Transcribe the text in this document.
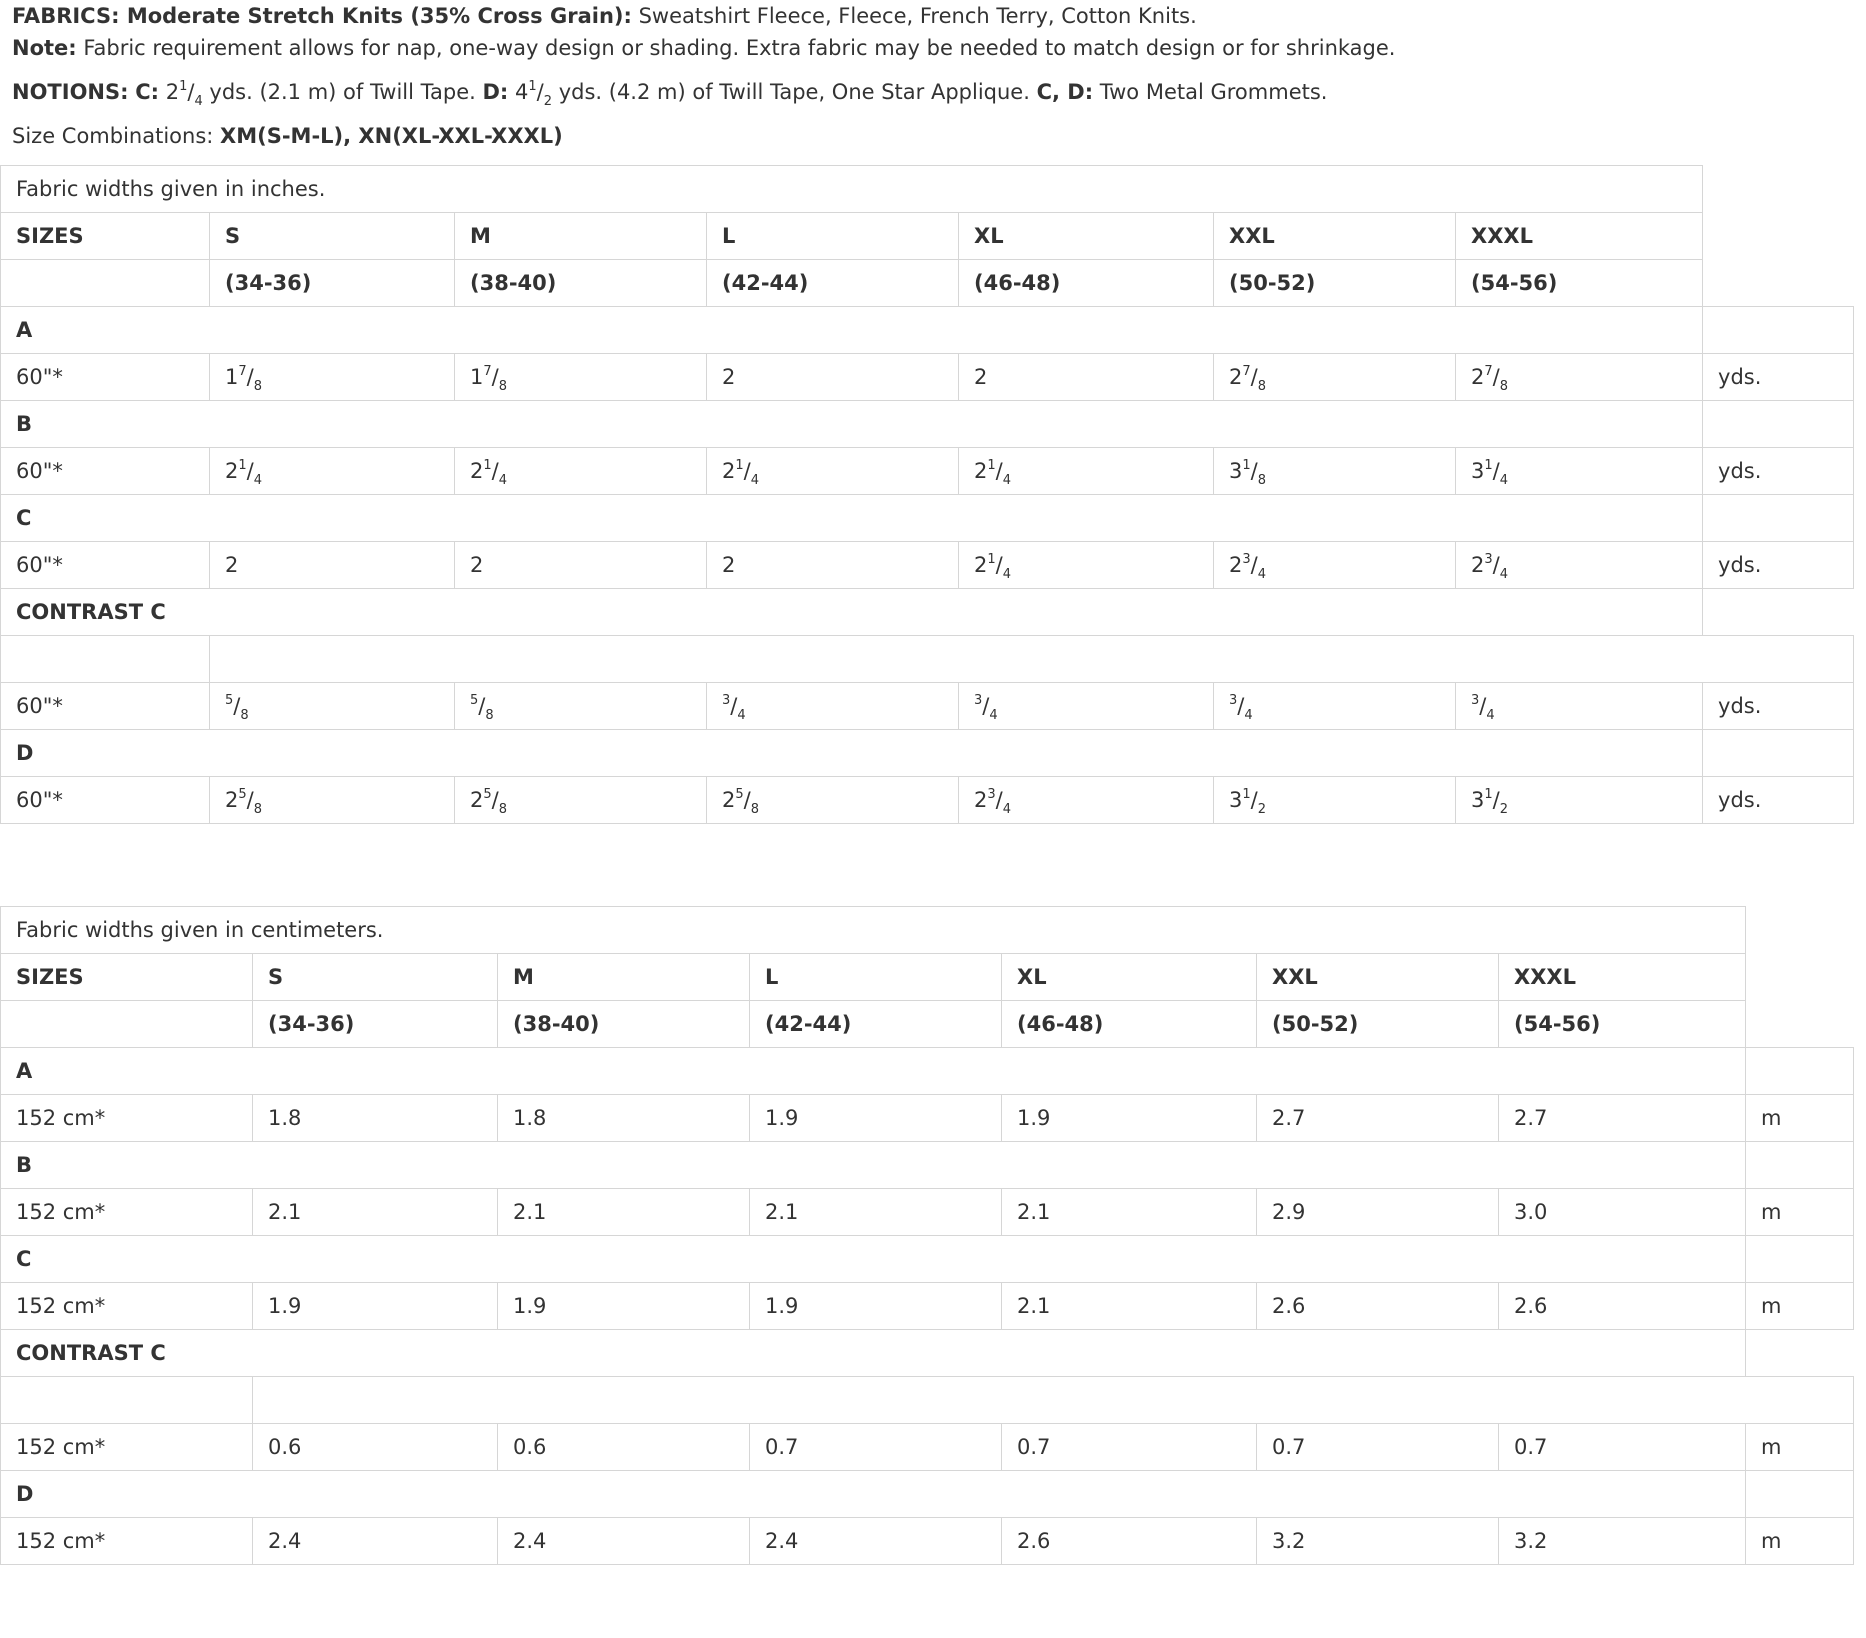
FABRICS: Moderate Stretch Knits (35% Cross Grain): Sweatshirt Fleece, Fleece, French Terry, Cotton Knits.

Note: Fabric requirement allows for nap, one-way design or shading. Extra fabric may be needed to match design or for shrinkage.

NOTIONS: C: $2^1/_4$ yds. (2.1 m) of Twill Tape. D: $4^1/_2$ yds. (4.2 m) of Twill Tape, One Star Applique. C, D: Two Metal Grommets.

Size Combinations: XM(S-M-L), XN(XL-XXL-XXXL)

Fabric widths given in inches.							
SIZES	S	M	L	XL	XXL	XXXL	
	(34-36)	(38-40)	(42-44)	(46-48)	(50-52)	(54-56)	
A							
60"*	$1^7/_8$	$1^7/_8$	2	2	$2^7/_8$	$2^7/_8$	yds.
B							
60"*	$2^1/_4$	$2^1/_4$	$2^1/_4$	$2^1/_4$	$3^1/_8$	$3^1/_4$	yds.
C							
60"*	2	2	2	$2^1/_4$	$2^3/_4$	$2^3/_4$	yds.
CONTRAST C							

60"*	$^5/_8$	$^5/_8$	$^3/_4$	$^3/_4$	$^3/_4$	$^3/_4$	yds.
D							
60"*	$2^5/_8$	$2^5/_8$	$2^5/_8$	$2^3/_4$	$3^1/_2$	$3^1/_2$	yds.
Fabric widths given in centimeters.							
SIZES	S	M	L	XL	XXL	XXXL	
	(34-36)	(38-40)	(42-44)	(46-48)	(50-52)	(54-56)	
A							
152 cm*	1.8	1.8	1.9	1.9	2.7	2.7	m
B							
152 cm*	2.1	2.1	2.1	2.1	2.9	3.0	m
C							
152 cm*	1.9	1.9	1.9	2.1	2.6	2.6	m
CONTRAST C							

152 cm*	0.6	0.6	0.7	0.7	0.7	0.7	m
D							
152 cm*	2.4	2.4	2.4	2.6	3.2	3.2	m
